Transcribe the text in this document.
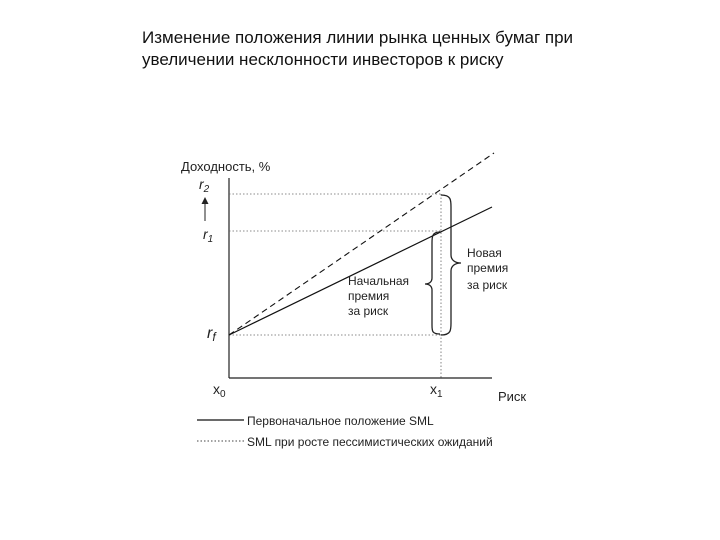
Изменение положения линии рынка ценных бумаг при
увеличении несклонности инвесторов к риску
Доходность, %
Риск
$r_2$
$r_1$
rf
$x_0$	$x_1$
Начальная премия за риск
Новая премия за риск
Первоначальное положение SML
SML при росте пессимистических ожиданий
